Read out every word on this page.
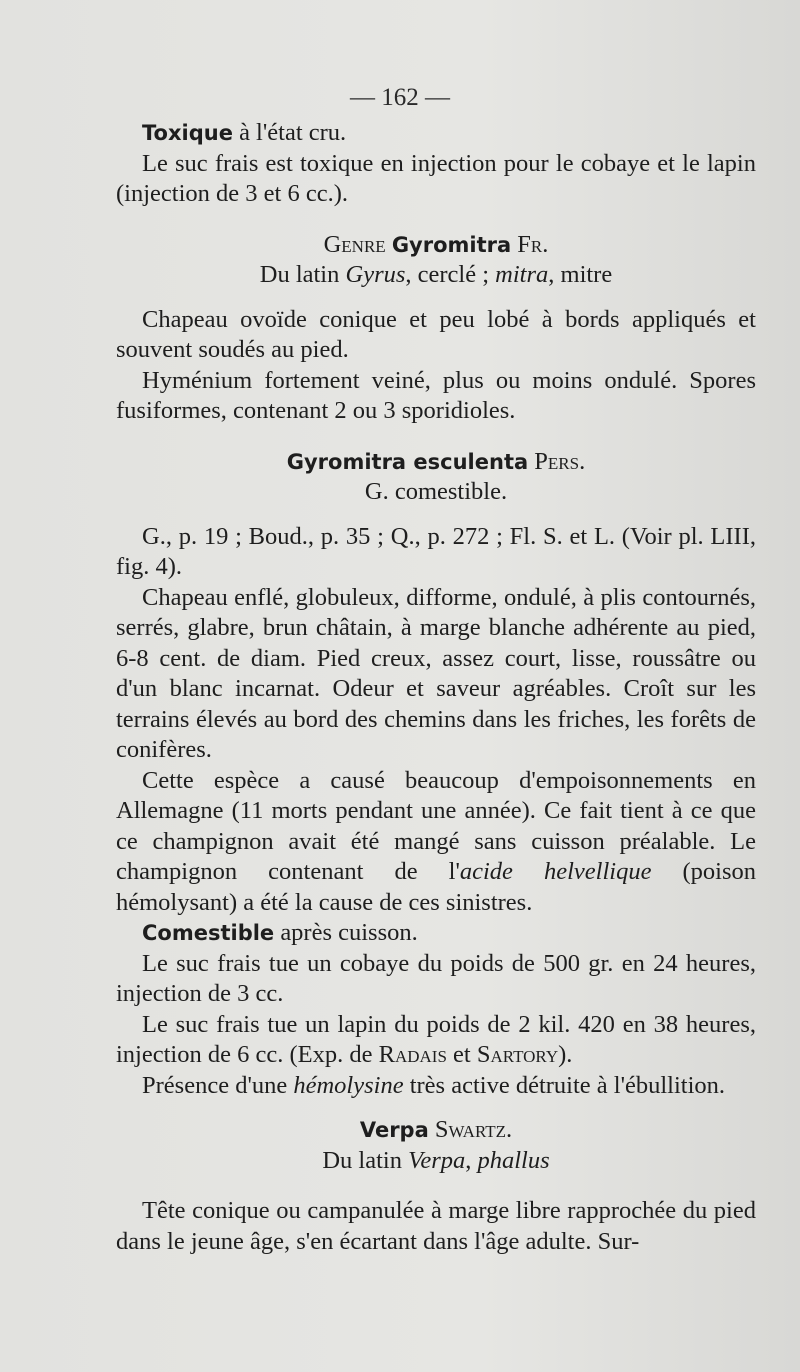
— 162 —

Toxique à l'état cru.

Le suc frais est toxique en injection pour le cobaye et le lapin (injection de 3 et 6 cc.).

Genre Gyromitra Fr.

Du latin Gyrus, cerclé ; mitra, mitre

Chapeau ovoïde conique et peu lobé à bords appliqués et souvent soudés au pied.

Hyménium fortement veiné, plus ou moins ondulé. Spores fusiformes, contenant 2 ou 3 sporidioles.

Gyromitra esculenta Pers.

G. comestible.

G., p. 19 ; Boud., p. 35 ; Q., p. 272 ; Fl. S. et L. (Voir pl. LIII, fig. 4).

Chapeau enflé, globuleux, difforme, ondulé, à plis contournés, serrés, glabre, brun châtain, à marge blanche adhérente au pied, 6-8 cent. de diam. Pied creux, assez court, lisse, roussâtre ou d'un blanc incarnat. Odeur et saveur agréables. Croît sur les terrains élevés au bord des chemins dans les friches, les forêts de conifères.

Cette espèce a causé beaucoup d'empoisonnements en Allemagne (11 morts pendant une année). Ce fait tient à ce que ce champignon avait été mangé sans cuisson préalable. Le champignon contenant de l'acide helvellique (poison hémolysant) a été la cause de ces sinistres.

Comestible après cuisson.

Le suc frais tue un cobaye du poids de 500 gr. en 24 heures, injection de 3 cc.

Le suc frais tue un lapin du poids de 2 kil. 420 en 38 heures, injection de 6 cc. (Exp. de Radais et Sartory).

Présence d'une hémolysine très active détruite à l'ébullition.

Verpa Swartz.

Du latin Verpa, phallus

Tête conique ou campanulée à marge libre rapprochée du pied dans le jeune âge, s'en écartant dans l'âge adulte. Sur-
